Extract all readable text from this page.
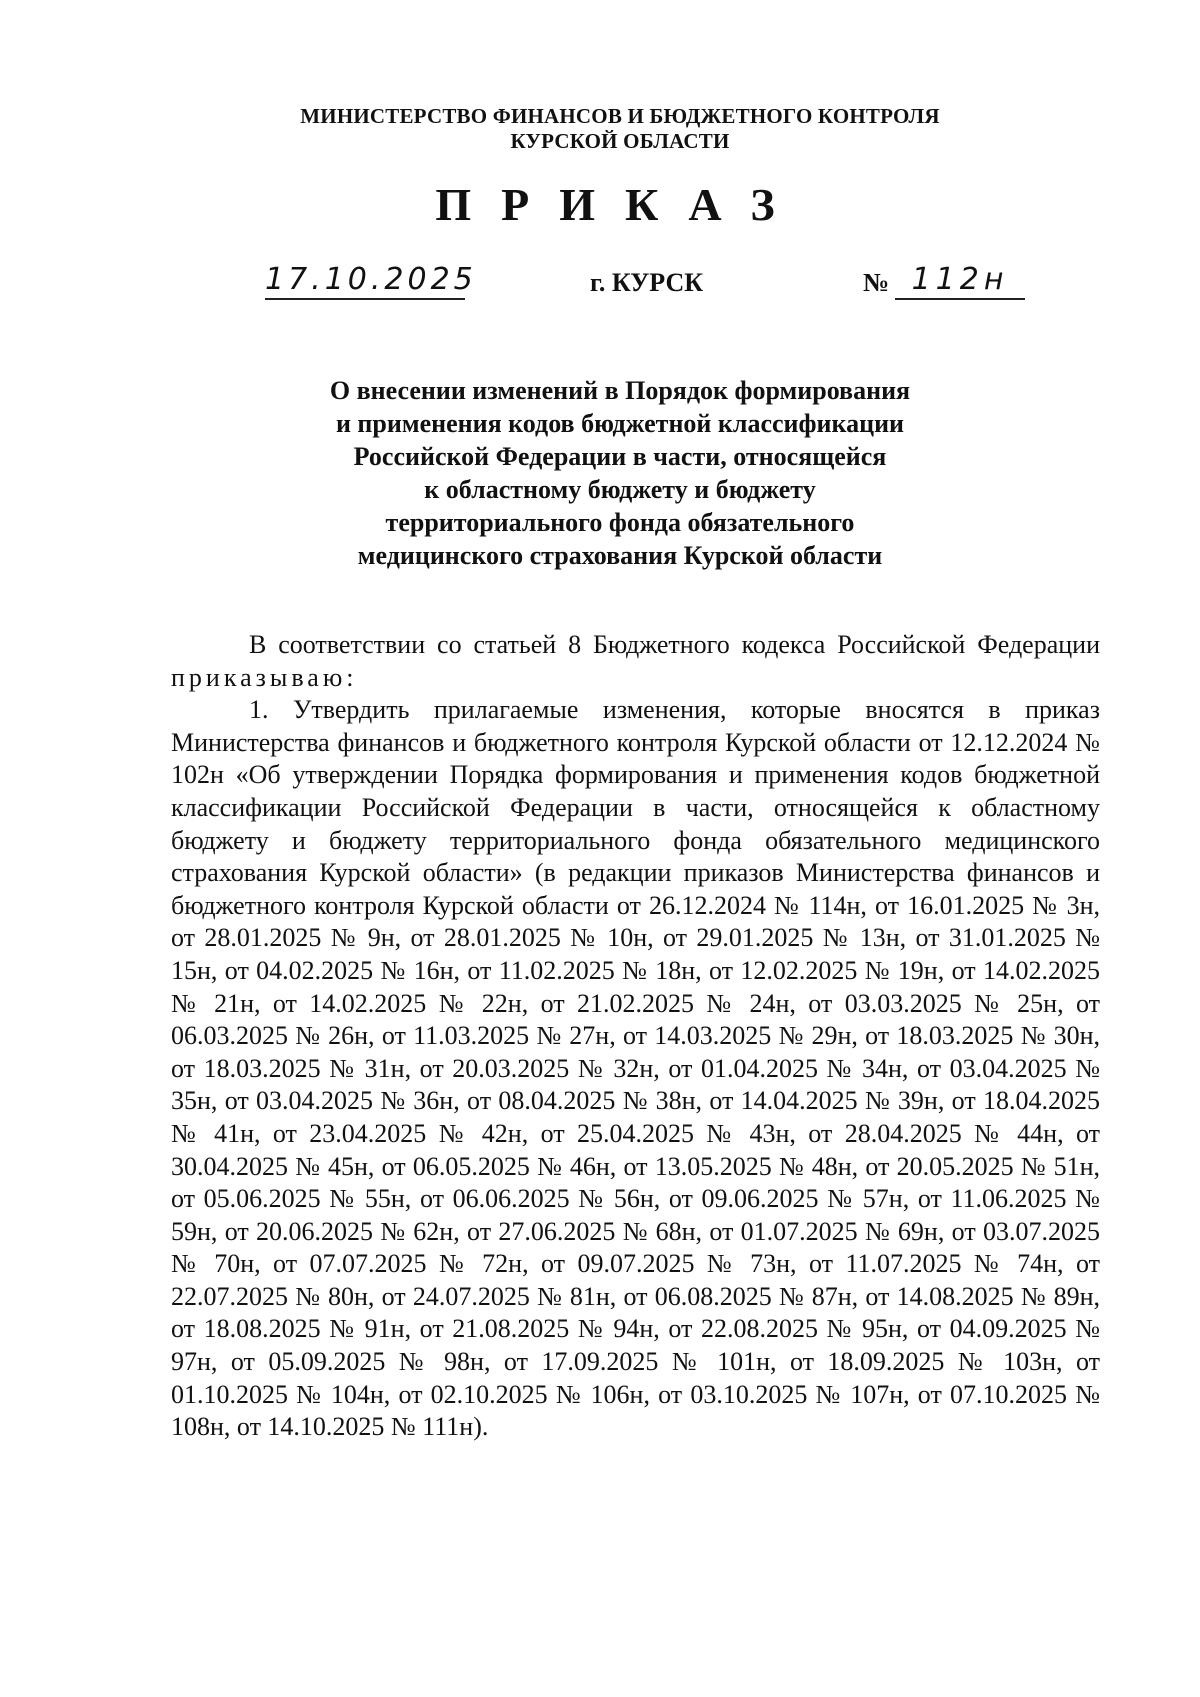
МИНИСТЕРСТВО ФИНАНСОВ И БЮДЖЕТНОГО КОНТРОЛЯ
КУРСКОЙ ОБЛАСТИ
ПРИКАЗ
17.10.2025	г. КУРСК	№ 112н
О внесении изменений в Порядок формирования
и применения кодов бюджетной классификации
Российской Федерации в части, относящейся
к областному бюджету и бюджету
территориального фонда обязательного
медицинского страхования Курской области

В соответствии со статьей 8 Бюджетного кодекса Российской Федерации приказываю:

1. Утвердить прилагаемые изменения, которые вносятся в приказ Министерства финансов и бюджетного контроля Курской области от 12.12.2024 № 102н «Об утверждении Порядка формирования и применения кодов бюджетной классификации Российской Федерации в части, относящейся к областному бюджету и бюджету территориального фонда обязательного медицинского страхования Курской области» (в редакции приказов Министерства финансов и бюджетного контроля Курской области от 26.12.2024 № 114н, от 16.01.2025 № 3н, от 28.01.2025 № 9н, от 28.01.2025 № 10н, от 29.01.2025 № 13н, от 31.01.2025 № 15н, от 04.02.2025 № 16н, от 11.02.2025 № 18н, от 12.02.2025 № 19н, от 14.02.2025 № 21н, от 14.02.2025 № 22н, от 21.02.2025 № 24н, от 03.03.2025 № 25н, от 06.03.2025 № 26н, от 11.03.2025 № 27н, от 14.03.2025 № 29н, от 18.03.2025 № 30н, от 18.03.2025 № 31н, от 20.03.2025 № 32н, от 01.04.2025 № 34н, от 03.04.2025 № 35н, от 03.04.2025 № 36н, от 08.04.2025 № 38н, от 14.04.2025 № 39н, от 18.04.2025 № 41н, от 23.04.2025 № 42н, от 25.04.2025 № 43н, от 28.04.2025 № 44н, от 30.04.2025 № 45н, от 06.05.2025 № 46н, от 13.05.2025 № 48н, от 20.05.2025 № 51н, от 05.06.2025 № 55н, от 06.06.2025 № 56н, от 09.06.2025 № 57н, от 11.06.2025 № 59н, от 20.06.2025 № 62н, от 27.06.2025 № 68н, от 01.07.2025 № 69н, от 03.07.2025 № 70н, от 07.07.2025 № 72н, от 09.07.2025 № 73н, от 11.07.2025 № 74н, от 22.07.2025 № 80н, от 24.07.2025 № 81н, от 06.08.2025 № 87н, от 14.08.2025 № 89н, от 18.08.2025 № 91н, от 21.08.2025 № 94н, от 22.08.2025 № 95н, от 04.09.2025 № 97н, от 05.09.2025 № 98н, от 17.09.2025 № 101н, от 18.09.2025 № 103н, от 01.10.2025 № 104н, от 02.10.2025 № 106н, от 03.10.2025 № 107н, от 07.10.2025 № 108н, от 14.10.2025 № 111н).
